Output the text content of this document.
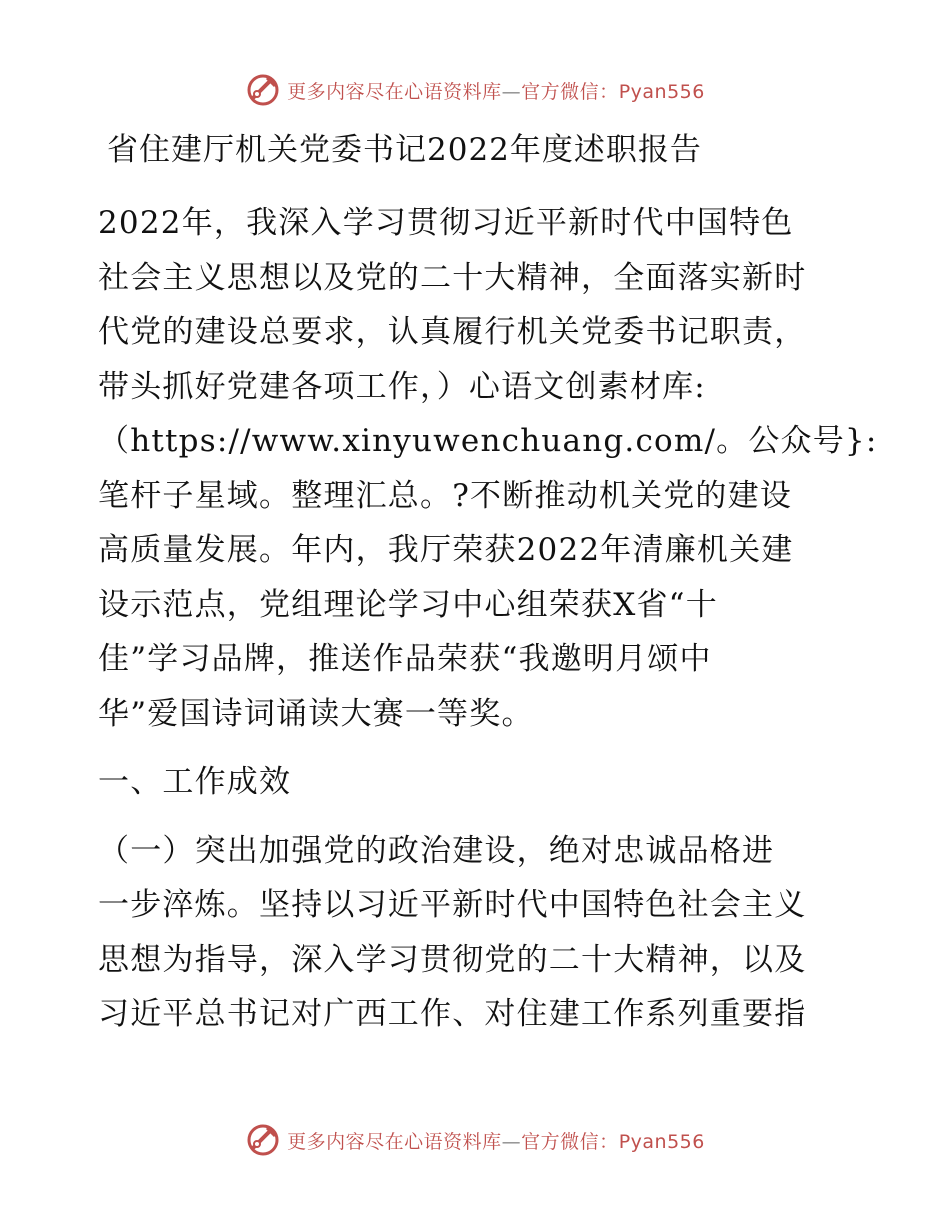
更多内容尽在心语资料库—官方微信：Pyan556
省住建厅机关党委书记2022年度述职报告
2022年，我深入学习贯彻习近平新时代中国特色
社会主义思想以及党的二十大精神，全面落实新时
代党的建设总要求，认真履行机关党委书记职责，
带头抓好党建各项工作，）心语文创素材库:
（https://www.xinyuwenchuang.com/。公众号}:
笔杆子星域。整理汇总。?不断推动机关党的建设
高质量发展。年内，我厅荣获2022年清廉机关建
设示范点，党组理论学习中心组荣获X省“十
佳”学习品牌，推送作品荣获“我邀明月颂中
华”爱国诗词诵读大赛一等奖。
一、工作成效
（一）突出加强党的政治建设，绝对忠诚品格进
一步淬炼。坚持以习近平新时代中国特色社会主义
思想为指导，深入学习贯彻党的二十大精神，以及
习近平总书记对广西工作、对住建工作系列重要指
更多内容尽在心语资料库—官方微信：Pyan556
